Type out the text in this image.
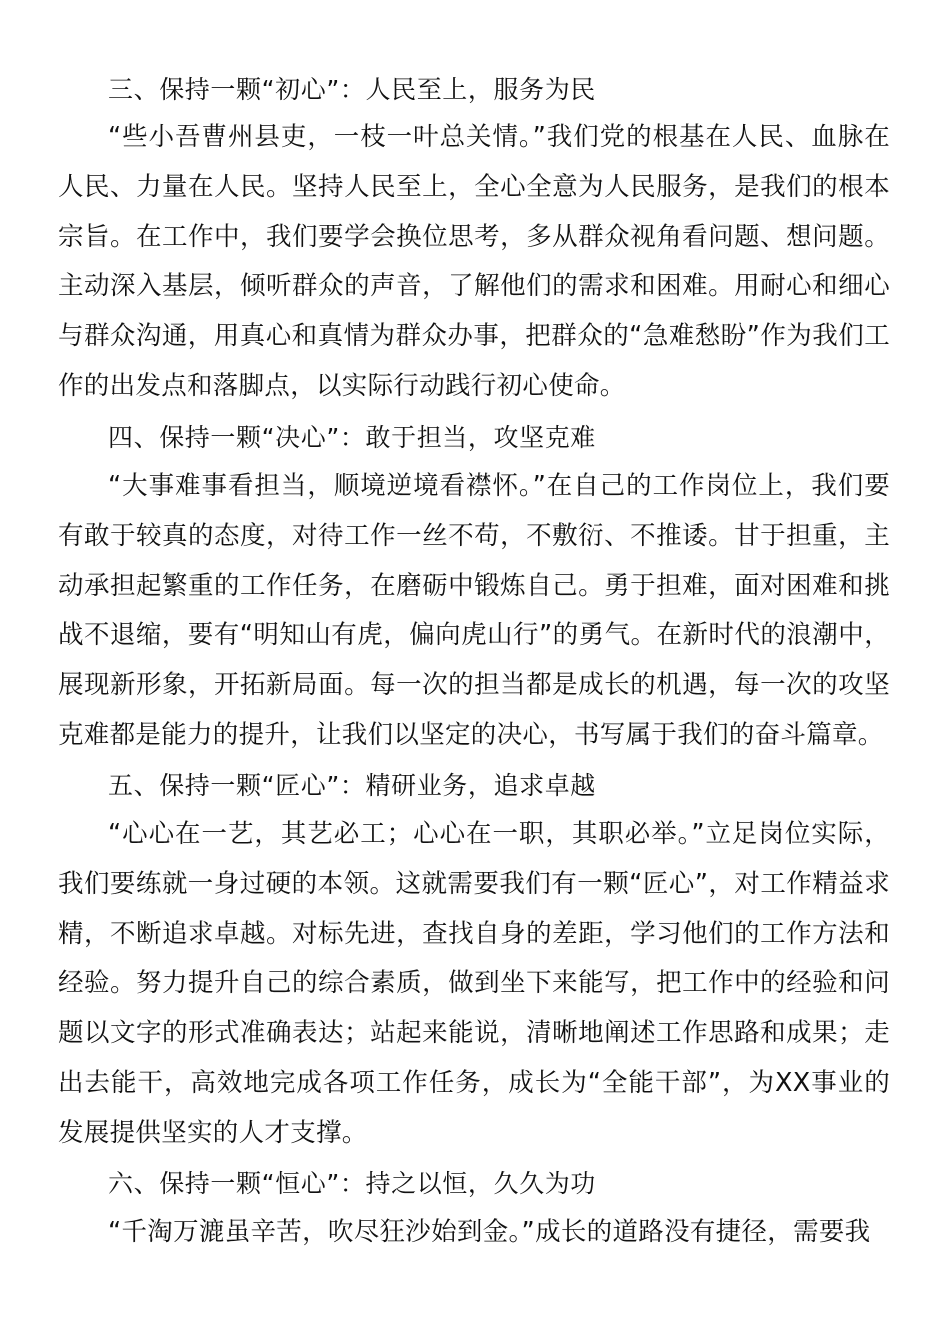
三、保持一颗“初心”：人民至上，服务为民

“些小吾曹州县吏，一枝一叶总关情。”我们党的根基在人民、血脉在人民、力量在人民。坚持人民至上，全心全意为人民服务，是我们的根本宗旨。在工作中，我们要学会换位思考，多从群众视角看问题、想问题。主动深入基层，倾听群众的声音，了解他们的需求和困难。用耐心和细心与群众沟通，用真心和真情为群众办事，把群众的“急难愁盼”作为我们工作的出发点和落脚点，以实际行动践行初心使命。

四、保持一颗“决心”：敢于担当，攻坚克难

“大事难事看担当，顺境逆境看襟怀。”在自己的工作岗位上，我们要有敢于较真的态度，对待工作一丝不苟，不敷衍、不推诿。甘于担重，主动承担起繁重的工作任务，在磨砺中锻炼自己。勇于担难，面对困难和挑战不退缩，要有“明知山有虎，偏向虎山行”的勇气。在新时代的浪潮中，展现新形象，开拓新局面。每一次的担当都是成长的机遇，每一次的攻坚克难都是能力的提升，让我们以坚定的决心，书写属于我们的奋斗篇章。

五、保持一颗“匠心”：精研业务，追求卓越

“心心在一艺，其艺必工；心心在一职，其职必举。”立足岗位实际，我们要练就一身过硬的本领。这就需要我们有一颗“匠心”，对工作精益求精，不断追求卓越。对标先进，查找自身的差距，学习他们的工作方法和经验。努力提升自己的综合素质，做到坐下来能写，把工作中的经验和问题以文字的形式准确表达；站起来能说，清晰地阐述工作思路和成果；走出去能干，高效地完成各项工作任务，成长为“全能干部”，为XX事业的发展提供坚实的人才支撑。

六、保持一颗“恒心”：持之以恒，久久为功

“千淘万漉虽辛苦，吹尽狂沙始到金。”成长的道路没有捷径，需要我
